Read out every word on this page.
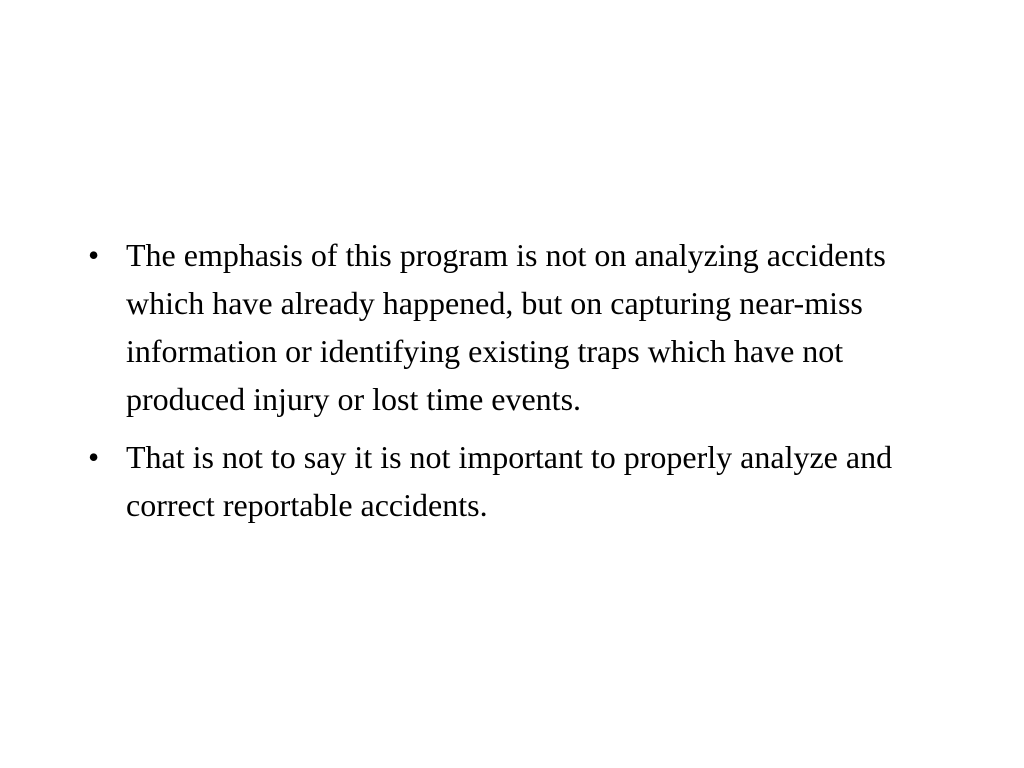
• The emphasis of this program is not on analyzing accidents which have already happened, but on capturing near-miss information or identifying existing traps which have not produced injury or lost time events.
• That is not to say it is not important to properly analyze and correct reportable accidents.
